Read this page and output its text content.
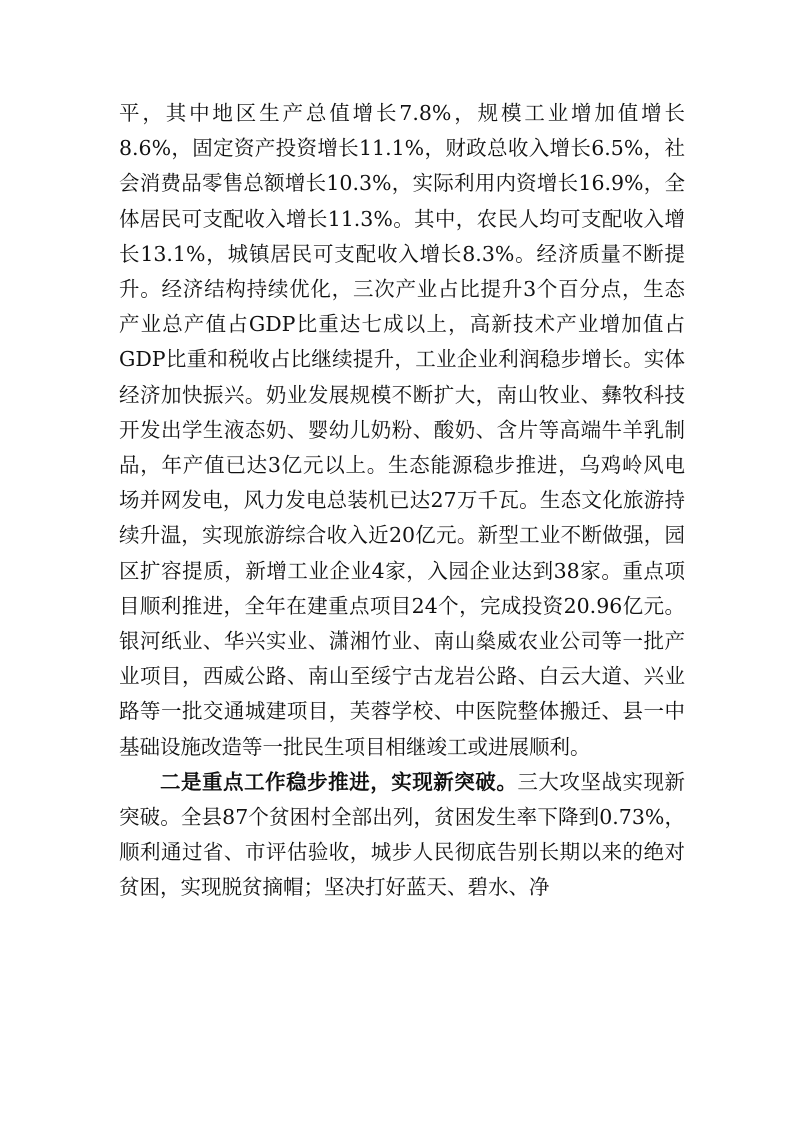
平，其中地区生产总值增长7.8%，规模工业增加值增长8.6%，固定资产投资增长11.1%，财政总收入增长6.5%，社会消费品零售总额增长10.3%，实际利用内资增长16.9%，全体居民可支配收入增长11.3%。其中，农民人均可支配收入增长13.1%，城镇居民可支配收入增长8.3%。经济质量不断提升。经济结构持续优化，三次产业占比提升3个百分点，生态产业总产值占GDP比重达七成以上，高新技术产业增加值占GDP比重和税收占比继续提升，工业企业利润稳步增长。实体经济加快振兴。奶业发展规模不断扩大，南山牧业、彝牧科技开发出学生液态奶、婴幼儿奶粉、酸奶、含片等高端牛羊乳制品，年产值已达3亿元以上。生态能源稳步推进，乌鸡岭风电场并网发电，风力发电总装机已达27万千瓦。生态文化旅游持续升温，实现旅游综合收入近20亿元。新型工业不断做强，园区扩容提质，新增工业企业4家，入园企业达到38家。重点项目顺利推进，全年在建重点项目24个，完成投资20.96亿元。银河纸业、华兴实业、潇湘竹业、南山燊威农业公司等一批产业项目，西威公路、南山至绥宁古龙岩公路、白云大道、兴业路等一批交通城建项目，芙蓉学校、中医院整体搬迁、县一中基础设施改造等一批民生项目相继竣工或进展顺利。

二是重点工作稳步推进，实现新突破。三大攻坚战实现新突破。全县87个贫困村全部出列，贫困发生率下降到0.73%，顺利通过省、市评估验收，城步人民彻底告别长期以来的绝对贫困，实现脱贫摘帽；坚决打好蓝天、碧水、净
